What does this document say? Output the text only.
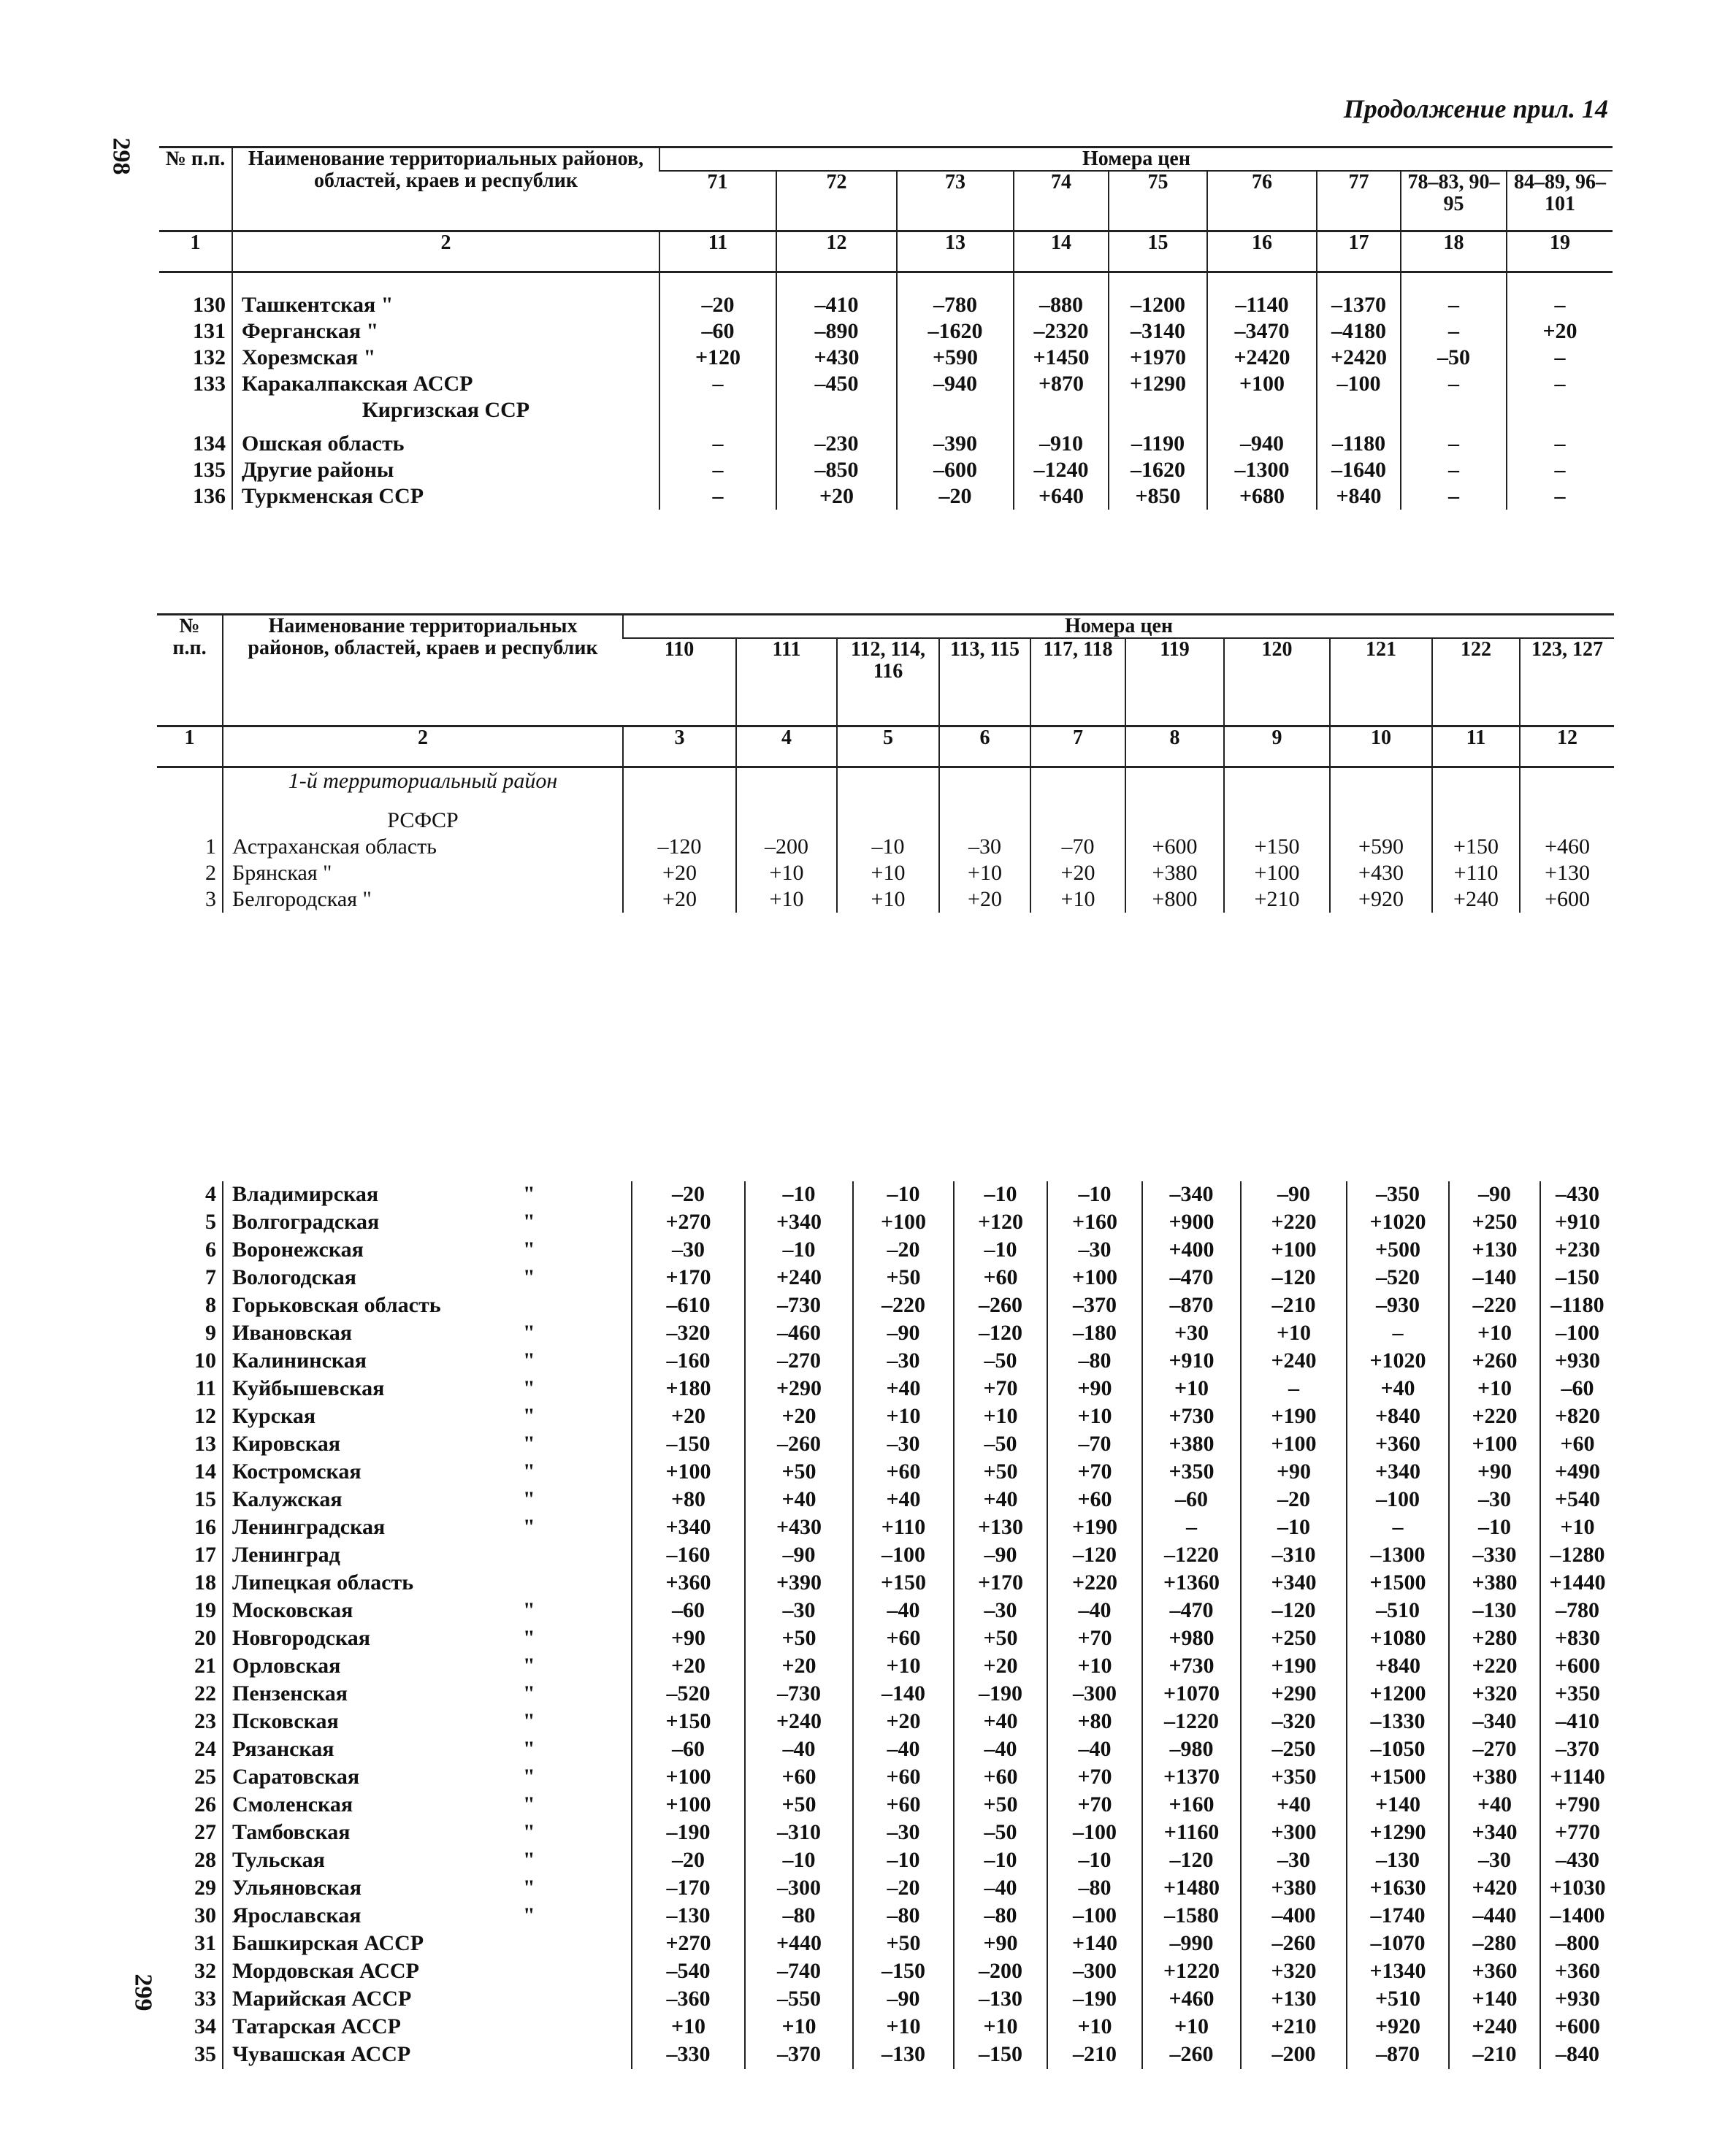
298
299
Продолжение прил. 14
№ п.п.	Наименование территориальных районов, областей, краев и республик	Номера цен								
		71	72	73	74	75	76	77	78–83, 90–95	84–89, 96–101
1	2	11	12	13	14	15	16	17	18	19

130	Ташкентская "	–20	–410	–780	–880	–1200	–1140	–1370	–	–
131	Ферганская "	–60	–890	–1620	–2320	–3140	–3470	–4180	–	+20
132	Хорезмская "	+120	+430	+590	+1450	+1970	+2420	+2420	–50	–
133	Каракалпакская АССР	–	–450	–940	+870	+1290	+100	–100	–	–
	Киргизская ССР									
134	Ошская область	–	–230	–390	–910	–1190	–940	–1180	–	–
135	Другие районы	–	–850	–600	–1240	–1620	–1300	–1640	–	–
136	Туркменская ССР	–	+20	–20	+640	+850	+680	+840	–	–
№ п.п.	Наименование территориальных районов, областей, краев и республик	Номера цен									
		110	111	112, 114, 116	113, 115	117, 118	119	120	121	122	123, 127
1	2	3	4	5	6	7	8	9	10	11	12
	1-й территориальный район										
	РСФСР										
1	Астраханская область	–120	–200	–10	–30	–70	+600	+150	+590	+150	+460
2	Брянская "	+20	+10	+10	+10	+20	+380	+100	+430	+110	+130
3	Белгородская "	+20	+10	+10	+20	+10	+800	+210	+920	+240	+600
4	Владимирская "	–20	–10	–10	–10	–10	–340	–90	–350	–90	–430
5	Волгоградская "	+270	+340	+100	+120	+160	+900	+220	+1020	+250	+910
6	Воронежская "	–30	–10	–20	–10	–30	+400	+100	+500	+130	+230
7	Вологодская "	+170	+240	+50	+60	+100	–470	–120	–520	–140	–150
8	Горьковская область	–610	–730	–220	–260	–370	–870	–210	–930	–220	–1180
9	Ивановская "	–320	–460	–90	–120	–180	+30	+10	–	+10	–100
10	Калининская "	–160	–270	–30	–50	–80	+910	+240	+1020	+260	+930
11	Куйбышевская "	+180	+290	+40	+70	+90	+10	–	+40	+10	–60
12	Курская "	+20	+20	+10	+10	+10	+730	+190	+840	+220	+820
13	Кировская "	–150	–260	–30	–50	–70	+380	+100	+360	+100	+60
14	Костромская "	+100	+50	+60	+50	+70	+350	+90	+340	+90	+490
15	Калужская "	+80	+40	+40	+40	+60	–60	–20	–100	–30	+540
16	Ленинградская "	+340	+430	+110	+130	+190	–	–10	–	–10	+10
17	Ленинград	–160	–90	–100	–90	–120	–1220	–310	–1300	–330	–1280
18	Липецкая область	+360	+390	+150	+170	+220	+1360	+340	+1500	+380	+1440
19	Московская "	–60	–30	–40	–30	–40	–470	–120	–510	–130	–780
20	Новгородская "	+90	+50	+60	+50	+70	+980	+250	+1080	+280	+830
21	Орловская "	+20	+20	+10	+20	+10	+730	+190	+840	+220	+600
22	Пензенская "	–520	–730	–140	–190	–300	+1070	+290	+1200	+320	+350
23	Псковская "	+150	+240	+20	+40	+80	–1220	–320	–1330	–340	–410
24	Рязанская "	–60	–40	–40	–40	–40	–980	–250	–1050	–270	–370
25	Саратовская "	+100	+60	+60	+60	+70	+1370	+350	+1500	+380	+1140
26	Смоленская "	+100	+50	+60	+50	+70	+160	+40	+140	+40	+790
27	Тамбовская "	–190	–310	–30	–50	–100	+1160	+300	+1290	+340	+770
28	Тульская "	–20	–10	–10	–10	–10	–120	–30	–130	–30	–430
29	Ульяновская "	–170	–300	–20	–40	–80	+1480	+380	+1630	+420	+1030
30	Ярославская "	–130	–80	–80	–80	–100	–1580	–400	–1740	–440	–1400
31	Башкирская АССР	+270	+440	+50	+90	+140	–990	–260	–1070	–280	–800
32	Мордовская АССР	–540	–740	–150	–200	–300	+1220	+320	+1340	+360	+360
33	Марийская АССР	–360	–550	–90	–130	–190	+460	+130	+510	+140	+930
34	Татарская АССР	+10	+10	+10	+10	+10	+10	+210	+920	+240	+600
35	Чувашская АССР	–330	–370	–130	–150	–210	–260	–200	–870	–210	–840
